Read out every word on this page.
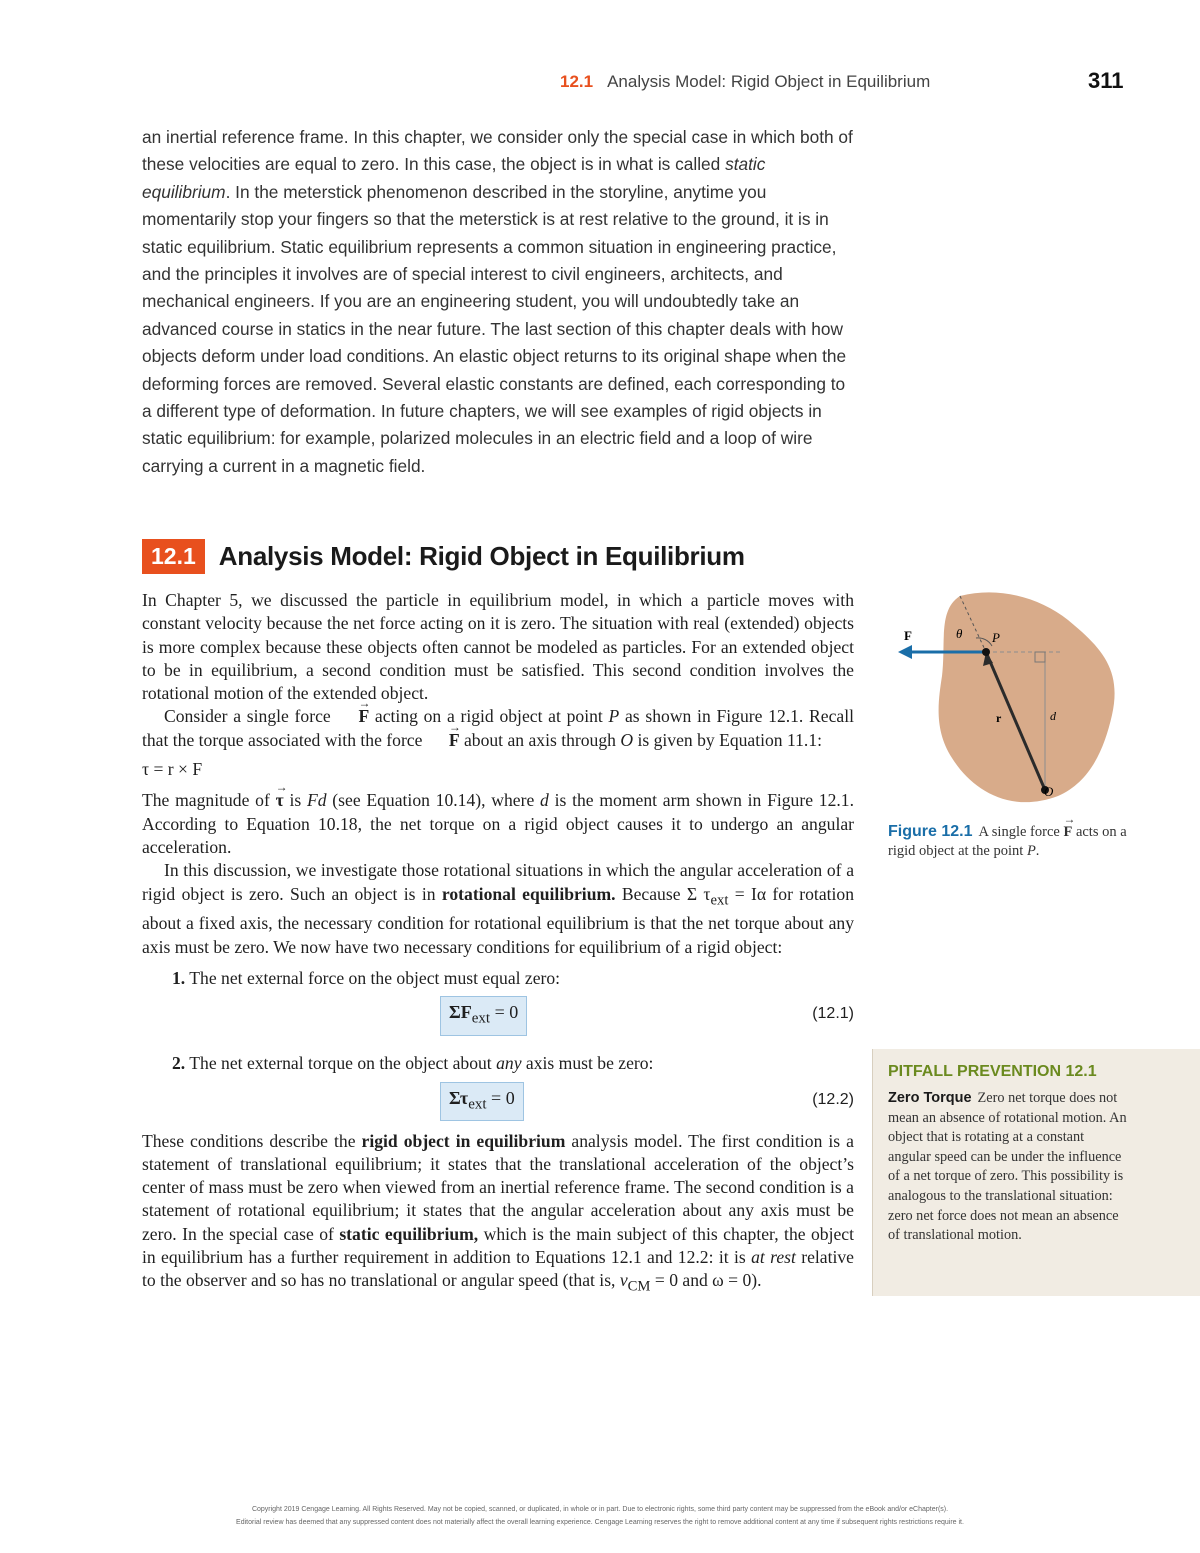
12.1 Analysis Model: Rigid Object in Equilibrium	311

an inertial reference frame. In this chapter, we consider only the special case in which both of these velocities are equal to zero. In this case, the object is in what is called static equilibrium. In the meterstick phenomenon described in the storyline, anytime you momentarily stop your fingers so that the meterstick is at rest relative to the ground, it is in static equilibrium. Static equilibrium represents a common situation in engineering practice, and the principles it involves are of special interest to civil engineers, architects, and mechanical engineers. If you are an engineering student, you will undoubtedly take an advanced course in statics in the near future. The last section of this chapter deals with how objects deform under load conditions. An elastic object returns to its original shape when the deforming forces are removed. Several elastic constants are defined, each corresponding to a different type of deformation. In future chapters, we will see examples of rigid objects in static equilibrium: for example, polarized molecules in an electric field and a loop of wire carrying a current in a magnetic field.

12.1 Analysis Model: Rigid Object in Equilibrium

In Chapter 5, we discussed the particle in equilibrium model, in which a particle moves with constant velocity because the net force acting on it is zero. The situation with real (extended) objects is more complex because these objects often cannot be modeled as particles. For an extended object to be in equilibrium, a second condition must be satisfied. This second condition involves the rotational motion of the extended object.

Consider a single force → F acting on a rigid object at point P as shown in Figure 12.1. Recall that the torque associated with the force → F about an axis through O is given by Equation 11.1:

τ = r × F

The magnitude of → τ is Fd (see Equation 10.14), where d is the moment arm shown in Figure 12.1. According to Equation 10.18, the net torque on a rigid object causes it to undergo an angular acceleration.

In this discussion, we investigate those rotational situations in which the angular acceleration of a rigid object is zero. Such an object is in rotational equilibrium. Because Σ $\tau_{ext} = I\alpha$ for rotation about a fixed axis, the necessary condition for rotational equilibrium is that the net torque about any axis must be zero. We now have two necessary conditions for equilibrium of a rigid object:

1. The net external force on the object must equal zero:

$\Sigma F_{ext} = 0$	(12.1)

2. The net external torque on the object about any axis must be zero:

$\Sigma\tau_{ext} = 0$	(12.2)

These conditions describe the rigid object in equilibrium analysis model. The first condition is a statement of translational equilibrium; it states that the translational acceleration of the object’s center of mass must be zero when viewed from an inertial reference frame. The second condition is a statement of rotational equilibrium; it states that the angular acceleration about any axis must be zero. In the special case of static equilibrium, which is the main subject of this chapter, the object in equilibrium has a further requirement in addition to Equations 12.1 and 12.2: it is at rest relative to the observer and so has no translational or angular speed (that is, $v_{CM} = 0$ and ω = 0).

F	θ P
r	d
O
Figure 12.1 A single force → F acts on a rigid object at the point P.
PITFALL PREVENTION 12.1
Zero Torque Zero net torque does not mean an absence of rotational motion. An object that is rotating at a constant angular speed can be under the influence of a net torque of zero. This possibility is analogous to the translational situation: zero net force does not mean an absence of translational motion.
Copyright 2019 Cengage Learning. All Rights Reserved. May not be copied, scanned, or duplicated, in whole or in part. Due to electronic rights, some third party content may be suppressed from the eBook and/or eChapter(s).
Editorial review has deemed that any suppressed content does not materially affect the overall learning experience. Cengage Learning reserves the right to remove additional content at any time if subsequent rights restrictions require it.
